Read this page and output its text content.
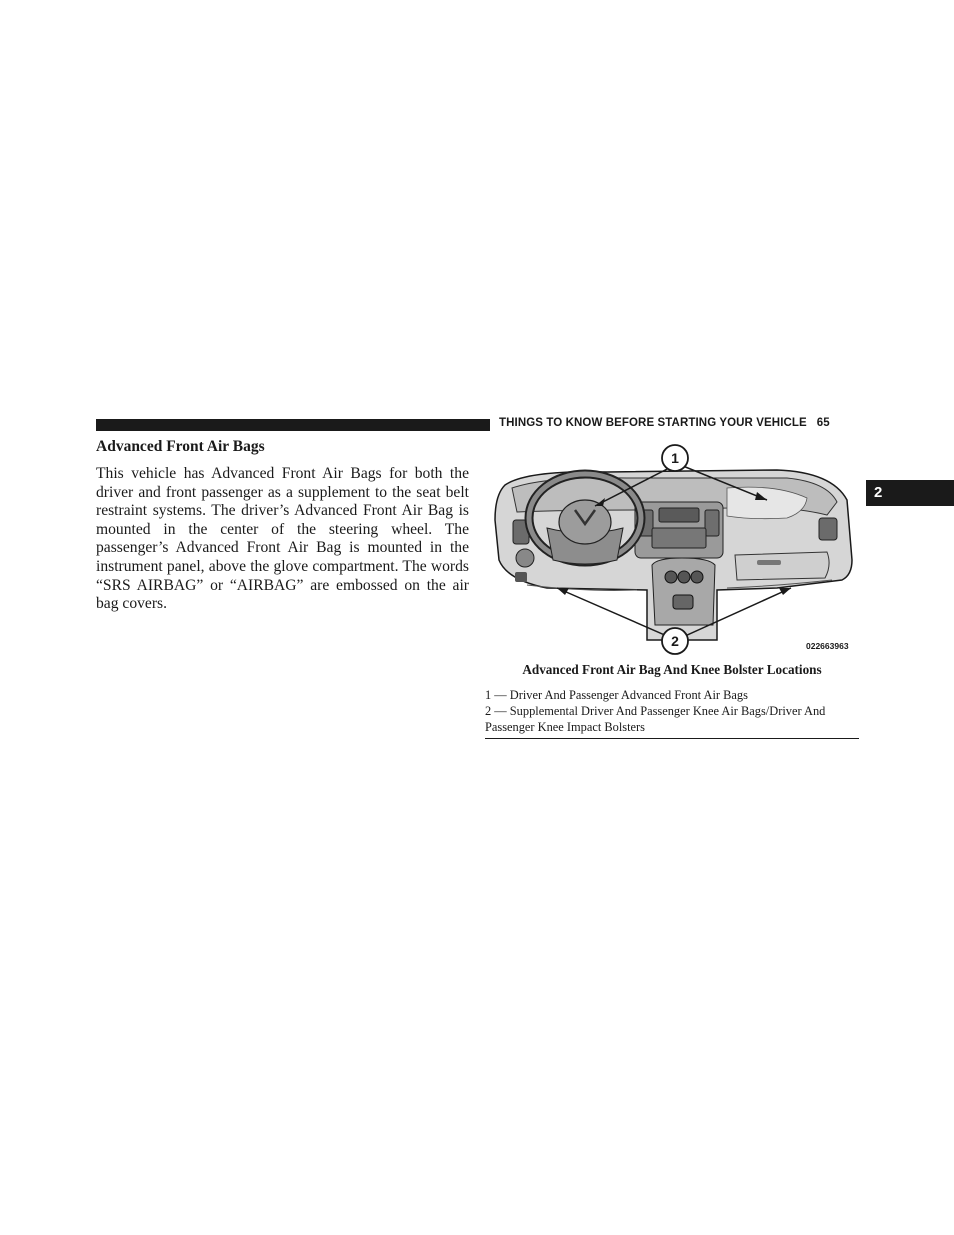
THINGS TO KNOW BEFORE STARTING YOUR VEHICLE 65
2
Advanced Front Air Bags

This vehicle has Advanced Front Air Bags for both the driver and front passenger as a supplement to the seat belt restraint systems. The driver’s Advanced Front Air Bag is mounted in the center of the steering wheel. The passenger’s Advanced Front Air Bag is mounted in the instrument panel, above the glove compartment. The words “SRS AIRBAG” or “AIRBAG” are embossed on the air bag covers.

1
2	022663963
Advanced Front Air Bag And Knee Bolster Locations
1 — Driver And Passenger Advanced Front Air Bags
2 — Supplemental Driver And Passenger Knee Air Bags/Driver And Passenger Knee Impact Bolsters
